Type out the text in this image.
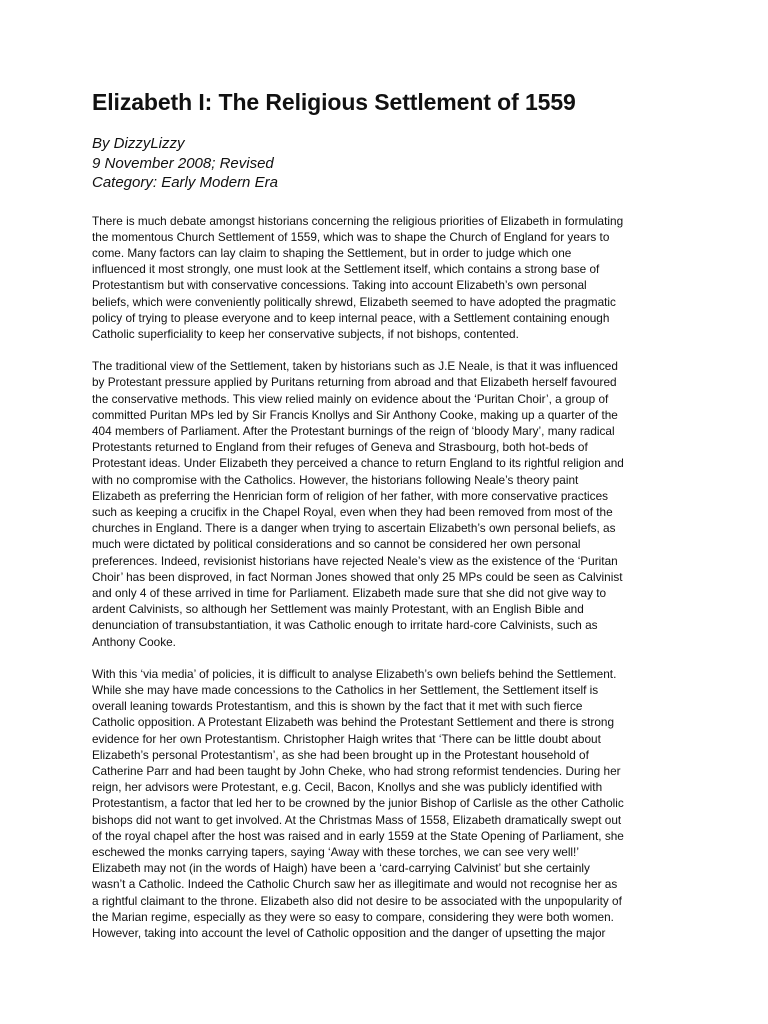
Elizabeth I: The Religious Settlement of 1559
By DizzyLizzy
9 November 2008; Revised
Category: Early Modern Era

There is much debate amongst historians concerning the religious priorities of Elizabeth in formulating
the momentous Church Settlement of 1559, which was to shape the Church of England for years to
come. Many factors can lay claim to shaping the Settlement, but in order to judge which one
influenced it most strongly, one must look at the Settlement itself, which contains a strong base of
Protestantism but with conservative concessions. Taking into account Elizabeth’s own personal
beliefs, which were conveniently politically shrewd, Elizabeth seemed to have adopted the pragmatic
policy of trying to please everyone and to keep internal peace, with a Settlement containing enough
Catholic superficiality to keep her conservative subjects, if not bishops, contented.

The traditional view of the Settlement, taken by historians such as J.E Neale, is that it was influenced
by Protestant pressure applied by Puritans returning from abroad and that Elizabeth herself favoured
the conservative methods. This view relied mainly on evidence about the ‘Puritan Choir’, a group of
committed Puritan MPs led by Sir Francis Knollys and Sir Anthony Cooke, making up a quarter of the
404 members of Parliament. After the Protestant burnings of the reign of ‘bloody Mary’, many radical
Protestants returned to England from their refuges of Geneva and Strasbourg, both hot-beds of
Protestant ideas. Under Elizabeth they perceived a chance to return England to its rightful religion and
with no compromise with the Catholics. However, the historians following Neale’s theory paint
Elizabeth as preferring the Henrician form of religion of her father, with more conservative practices
such as keeping a crucifix in the Chapel Royal, even when they had been removed from most of the
churches in England. There is a danger when trying to ascertain Elizabeth’s own personal beliefs, as
much were dictated by political considerations and so cannot be considered her own personal
preferences. Indeed, revisionist historians have rejected Neale’s view as the existence of the ‘Puritan
Choir’ has been disproved, in fact Norman Jones showed that only 25 MPs could be seen as Calvinist
and only 4 of these arrived in time for Parliament. Elizabeth made sure that she did not give way to
ardent Calvinists, so although her Settlement was mainly Protestant, with an English Bible and
denunciation of transubstantiation, it was Catholic enough to irritate hard-core Calvinists, such as
Anthony Cooke.

With this ‘via media’ of policies, it is difficult to analyse Elizabeth’s own beliefs behind the Settlement.
While she may have made concessions to the Catholics in her Settlement, the Settlement itself is
overall leaning towards Protestantism, and this is shown by the fact that it met with such fierce
Catholic opposition. A Protestant Elizabeth was behind the Protestant Settlement and there is strong
evidence for her own Protestantism. Christopher Haigh writes that ‘There can be little doubt about
Elizabeth’s personal Protestantism’, as she had been brought up in the Protestant household of
Catherine Parr and had been taught by John Cheke, who had strong reformist tendencies. During her
reign, her advisors were Protestant, e.g. Cecil, Bacon, Knollys and she was publicly identified with
Protestantism, a factor that led her to be crowned by the junior Bishop of Carlisle as the other Catholic
bishops did not want to get involved. At the Christmas Mass of 1558, Elizabeth dramatically swept out
of the royal chapel after the host was raised and in early 1559 at the State Opening of Parliament, she
eschewed the monks carrying tapers, saying ‘Away with these torches, we can see very well!’
Elizabeth may not (in the words of Haigh) have been a ‘card-carrying Calvinist’ but she certainly
wasn’t a Catholic. Indeed the Catholic Church saw her as illegitimate and would not recognise her as
a rightful claimant to the throne. Elizabeth also did not desire to be associated with the unpopularity of
the Marian regime, especially as they were so easy to compare, considering they were both women.
However, taking into account the level of Catholic opposition and the danger of upsetting the major
